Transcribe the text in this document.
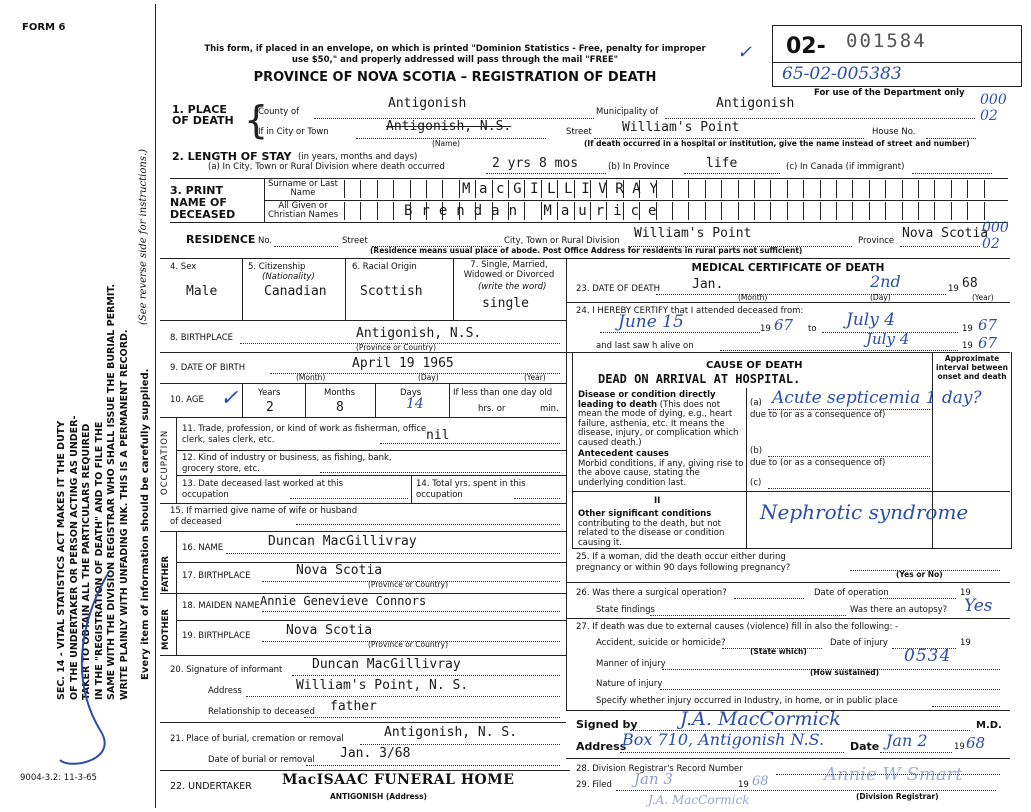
FORM 6
9004-3.2: 11-3-65
SEC. 14 - VITAL STATISTICS ACT MAKES IT THE DUTY OF THE UNDERTAKER OR PERSON ACTING AS UNDER- TAKER TO OBTAIN ALL THE PARTICULARS REQUIRED IN THE "REGISTRATION OF DEATH" AND TO FILE THE SAME WITH THE DIVISION REGISTRAR WHO SHALL ISSUE THE BURIAL PERMIT. WRITE PLAINLY WITH UNFADING INK. THIS IS A PERMANENT RECORD.
(See reverse side for instructions.)
Every item of information should be carefully supplied.
This form, if placed in an envelope, on which is printed "Dominion Statistics - Free, penalty for improper
use $50," and properly addressed will pass through the mail "FREE"
PROVINCE OF NOVA SCOTIA – REGISTRATION OF DEATH
✓ 02- 001584
65-02-005383
For use of the Department only
1. PLACE OF DEATH {
County of
Antigonish
Municipality of
Antigonish	000 02
If in City or Town	Antigonish, N.S.	Street William's Point	House No.
(Name)	(If death occurred in a hospital or institution, give the name instead of street and number)
2. LENGTH OF STAY (in years, months and days)
(a) In City, Town or Rural Division where death occurred	2 yrs 8 mos	(b) In Province	life	(c) In Canada (if immigrant)
3. PRINT NAME OF DECEASED
Surname or Last Name
All Given or Christian Names
MacGILLIVRAY
Brendan Maurice
RESIDENCE No.	Street	City, Town or Rural Division William's Point	Province Nova Scotia
000 02
(Residence means usual place of abode. Post Office Address for residents in rural parts not sufficient)
4. Sex
Male
5. Citizenship
(Nationality)
Canadian
6. Racial Origin
Scottish
7. Single, Married, Widowed or Divorced
(write the word)
single
8. BIRTHPLACE	Antigonish, N.S.
(Province or Country)
9. DATE OF BIRTH	April 19 1965
(Month)	(Day)	(Year)
10. AGE
Years
2
Months
8
Days
14
If less than one day old
hrs. or	min.
✓
OCCUPATION
11. Trade, profession, or kind of work as fisherman, office clerk, sales clerk, etc.	nil
12. Kind of industry or business, as fishing, bank, grocery store, etc.
13. Date deceased last worked at this occupation
14. Total yrs. spent in this occupation
15. If married give name of wife or husband of deceased
FATHER
MOTHER
16. NAME	Duncan MacGillivray
17. BIRTHPLACE	Nova Scotia
(Province or Country)
18. MAIDEN NAME Annie Genevieve Connors
19. BIRTHPLACE	Nova Scotia
(Province or Country)
20. Signature of informant Duncan MacGillivray
Address	William's Point, N. S.
Relationship to deceased father
21. Place of burial, cremation or removal	Antigonish, N. S.
Date of burial or removal Jan. 3/68
22. UNDERTAKER MacISAAC FUNERAL HOME
ANTIGONISH (Address)
MEDICAL CERTIFICATE OF DEATH
23. DATE OF DEATH Jan.	2nd	19 68
(Month)	(Day)	(Year)
24. I HEREBY CERTIFY that I attended deceased from:
June 15	19 67 to July 4	19 67
and last saw h alive on	July 4	19 67
CAUSE OF DEATH
Approximate interval between onset and death
DEAD ON ARRIVAL AT HOSPITAL.
Disease or condition directly leading to death (This does not mean the mode of dying, e.g., heart failure, asthenia, etc. It means the disease, injury, or complication which caused death.)
(a) Acute septicemia 1 day?
due to (or as a consequence of)
Antecedent causes
Morbid conditions, if any, giving rise to the above cause, stating the underlying condition last.
(b)
due to (or as a consequence of)
(c)
II
Other significant conditions
contributing to the death, but not related to the disease or condition causing it.
Nephrotic syndrome
25. If a woman, did the death occur either during pregnancy or within 90 days following pregnancy?
(Yes or No)
26. Was there a surgical operation?	Date of operation	19
State findings	Was there an autopsy? Yes
27. If death was due to external causes (violence) fill in also the following: -
Accident, suicide or homicide?
(State which)
Date of injury	19
Manner of injury
(How sustained)
0534
Nature of injury
Specify whether injury occurred in Industry, in home, or in public place
Signed by J.A. MacCormick	M.D.
Address
Box 710, Antigonish N.S. Date Jan 2	19 68
28. Division Registrar's Record Number
29. Filed Jan 3	19 68	Annie W Smart
(Division Registrar)
J.A. MacCormick
